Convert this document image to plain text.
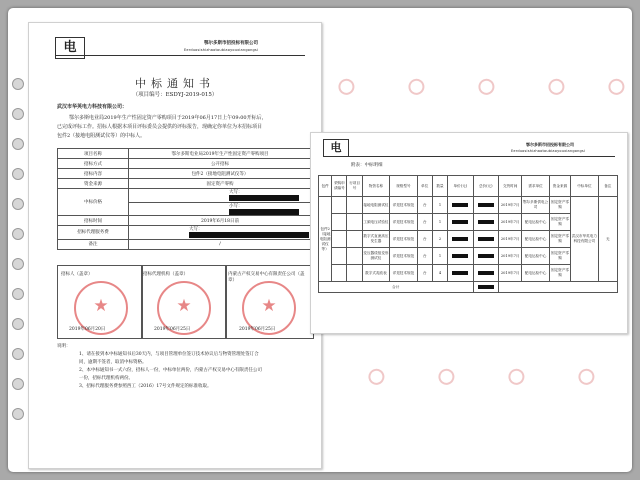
电	鄂尔多斯市招投标有限公司
Eerduosishizhaotoubiaoyouxiangongsi
中标通知书
（项目编号：ESDYJ-2019-015）
武汉市华英电力科技有限公司：
鄂尔多斯电业局2019年生产性固定资产零购项目于2019年06月17日上午09:00开标后，
已完成评标工作。招标人根据本项目评标委员会提供的评标报告，现确定你单位为本招标项目
包件2（接地电阻测试仪等）的中标人。
项目名称	鄂尔多斯电业局2019年生产性固定资产零购项目
招标方式	公开招标
招标内容	包件2（接地电阻测试仪等）
资金来源	固定资产零购
中标价格	大写：
	小写：
招标时间	2019年6月18日前
招标代理服务费	大写：
备注	/
招标人（盖章）	招标代理机构（盖章）	内蒙古产权交易中心有限责任公司（盖章）
★	★	★
2019年06月20日	2019年06月25日	2019年06月25日
说明：
1、请在接到本中标通知书后30天内，与项目管理单位签订技术协议后与物资管理处签订合
同，逾期不签者，取消中标资格。
2、本中标通知书一式六份，招标人一份，中标单位两份，内蒙古产权交易中心有限责任公司
一份，招标代理机构两份。
3、招标代理服务费参照西工（2016）17号文件规定的标准收取。
电	鄂尔多斯市招投标有限公司
Eerduosishizhaotoubiaoyouxiangongsi
附表：中标明细
包件	采购申请编号	行项目号	物资名称	规格型号	单位	数量	单价(元)	总价(元)	交货时间	需求单位	资金来源	中标单位	备注
包件2（接地电阻测试仪等）			接地电阻测试仪	详见技术规范	台	1			2019年7月	鄂尔多斯供电公司	固定资产零购	武汉市华英电力科技有限公司	无
			工频电压试验仪	详见技术规范	台	1			2019年7月	配电运检中心	固定资产零购		
			数字式直流高压发生器	详见技术规范	台	2			2019年7月	配电运检中心	固定资产零购		
			变压器绕组变形测试仪	详见技术规范	台	1			2019年7月	配电运检中心	固定资产零购		
			数字式兆欧表	详见技术规范	台	4			2019年7月	配电运检中心	固定资产零购		
合计													
